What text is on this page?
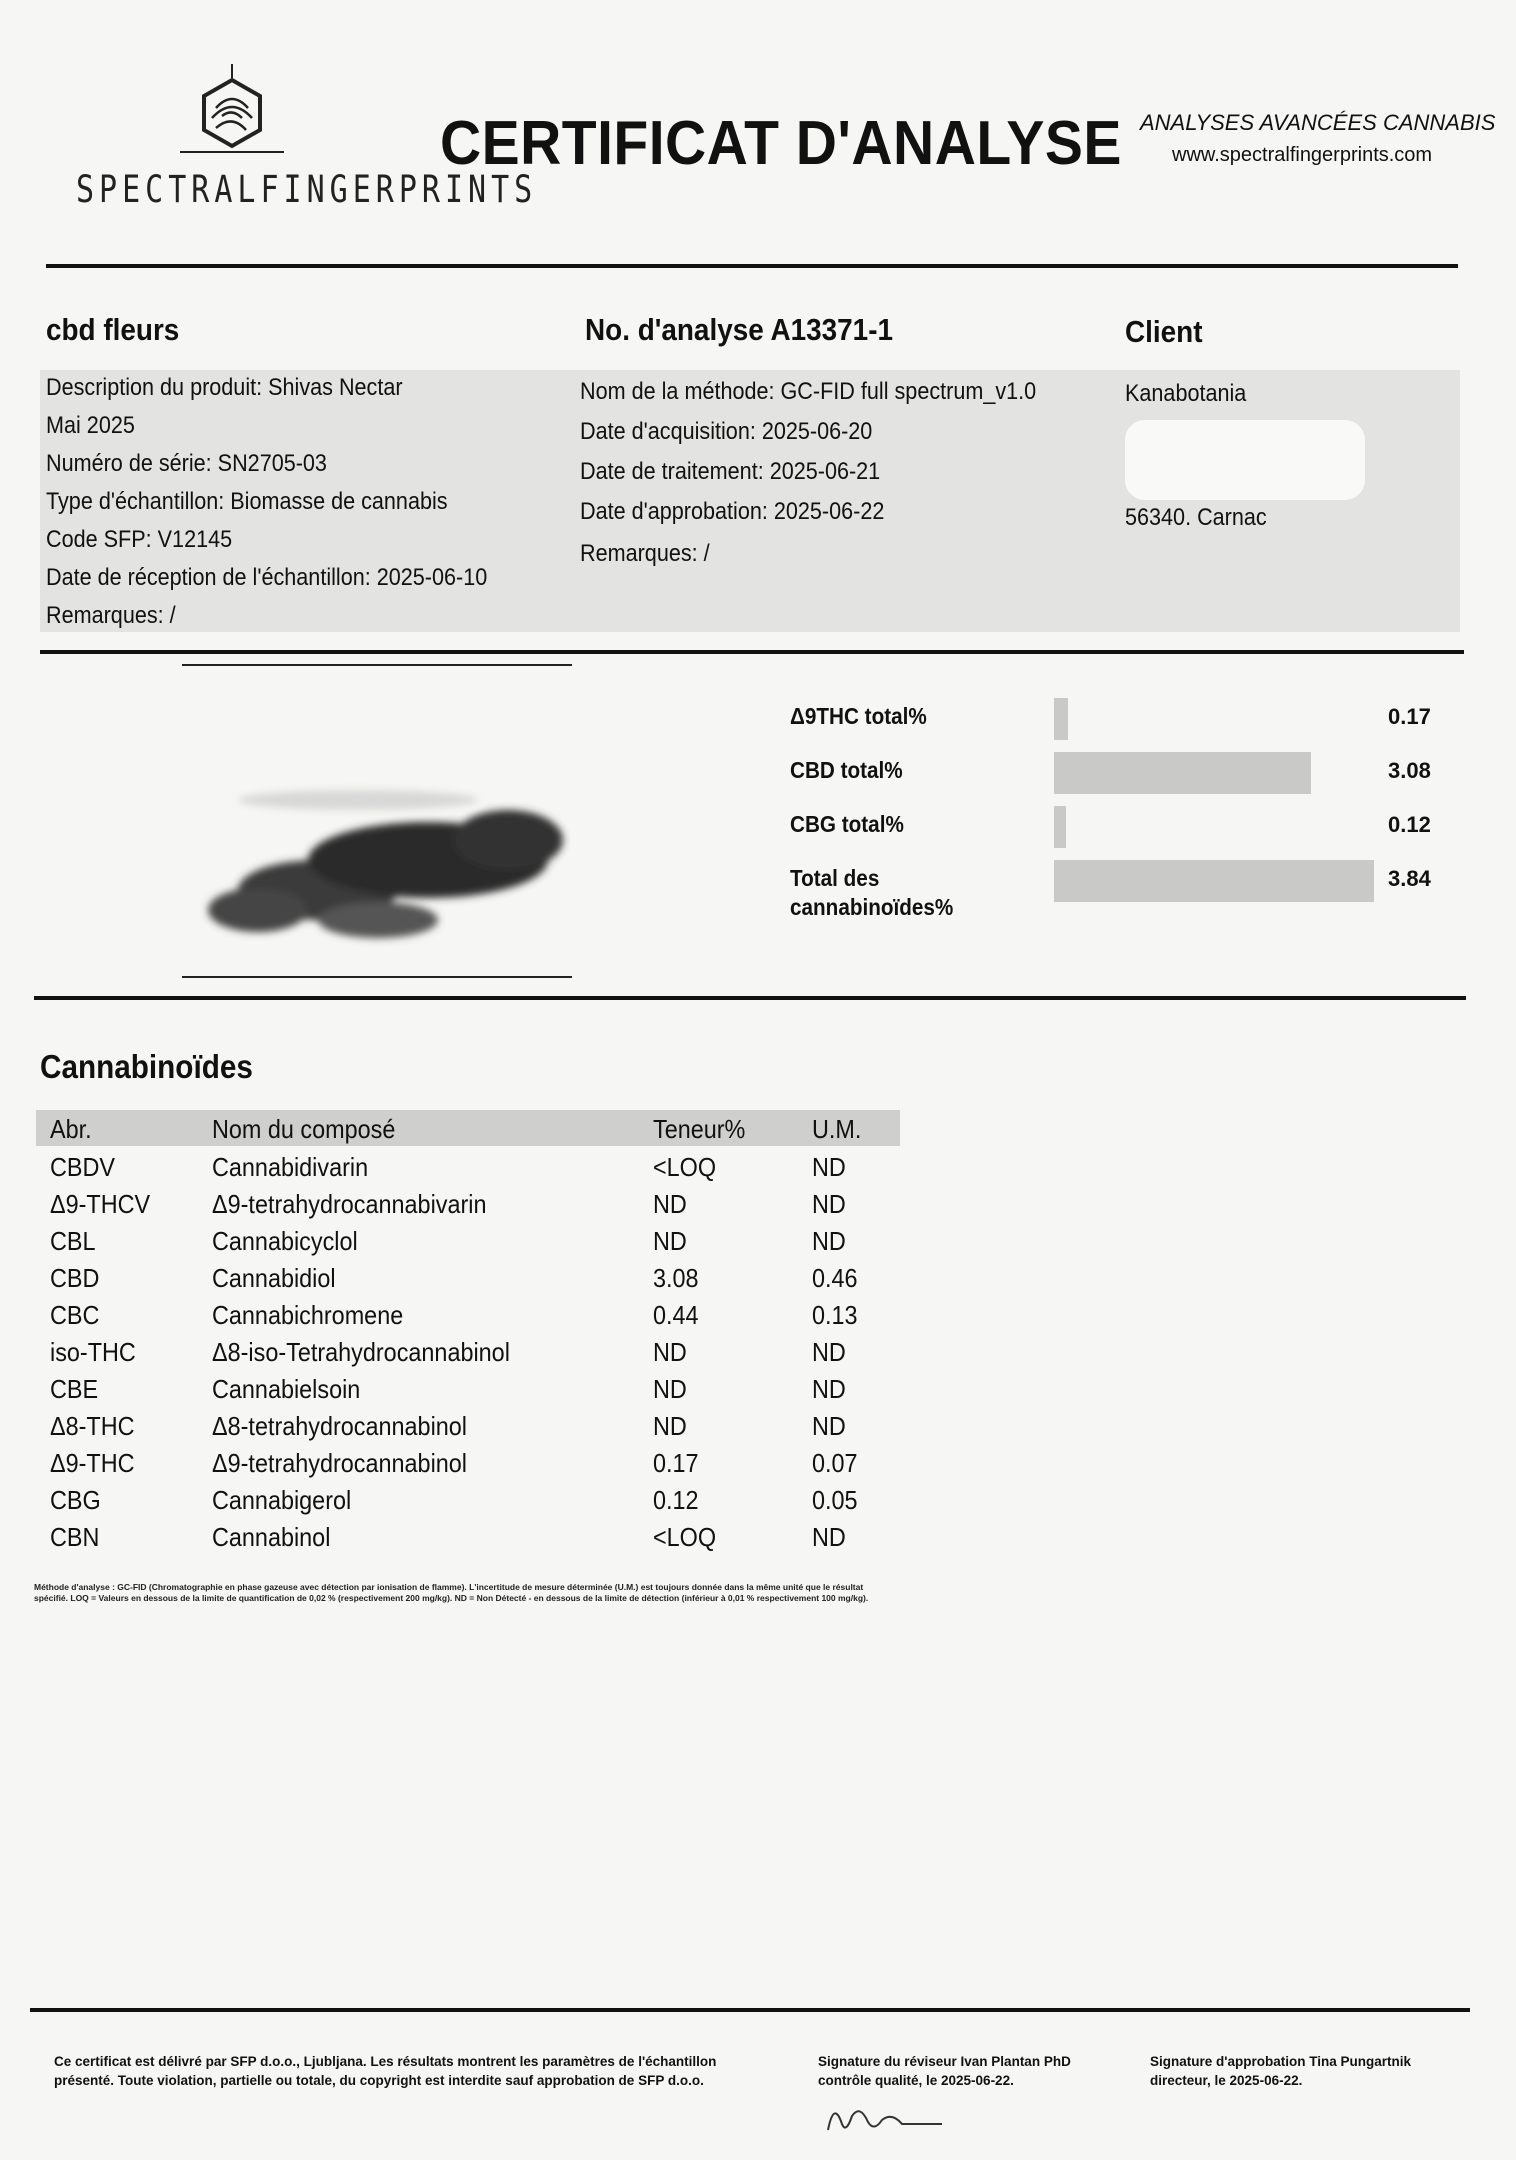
SPECTRALFINGERPRINTS
CERTIFICAT D'ANALYSE ANALYSES AVANCÉES CANNABIS
www.spectralfingerprints.com
cbd fleurs	No. d'analyse A13371-1	Client
Description du produit: Shivas Nectar
Mai 2025
Numéro de série: SN2705-03
Type d'échantillon: Biomasse de cannabis
Code SFP: V12145
Date de réception de l'échantillon: 2025-06-10
Remarques: /
Nom de la méthode: GC-FID full spectrum_v1.0
Date d'acquisition: 2025-06-20
Date de traitement: 2025-06-21
Date d'approbation: 2025-06-22
Remarques: /
Kanabotania
56340. Carnac
Δ9THC total%	0.17
CBD total%	3.08
CBG total%	0.12
Total des cannabinoïdes%
3.84
Cannabinoïdes
Abr.	Nom du composé	Teneur%	U.M.
CBDV	Cannabidivarin	<LOQ	ND
Δ9-THCV Δ9-tetrahydrocannabivarin	ND	ND
CBL	Cannabicyclol	ND	ND
CBD	Cannabidiol	3.08	0.46
CBC	Cannabichromene	0.44	0.13
iso-THC	Δ8-iso-Tetrahydrocannabinol	ND	ND
CBE	Cannabielsoin	ND	ND
Δ8-THC	Δ8-tetrahydrocannabinol	ND	ND
Δ9-THC	Δ9-tetrahydrocannabinol	0.17	0.07
CBG	Cannabigerol	0.12	0.05
CBN	Cannabinol	<LOQ	ND
Méthode d'analyse : GC-FID (Chromatographie en phase gazeuse avec détection par ionisation de flamme). L'incertitude de mesure déterminée (U.M.) est toujours donnée dans la même unité que le résultat spécifié. LOQ = Valeurs en dessous de la limite de quantification de 0,02 % (respectivement 200 mg/kg). ND = Non Détecté - en dessous de la limite de détection (inférieur à 0,01 % respectivement 100 mg/kg).
Ce certificat est délivré par SFP d.o.o., Ljubljana. Les résultats montrent les paramètres de l'échantillon présenté. Toute violation, partielle ou totale, du copyright est interdite sauf approbation de SFP d.o.o.
Signature du réviseur Ivan Plantan PhD contrôle qualité, le 2025-06-22.
Signature d'approbation Tina Pungartnik directeur, le 2025-06-22.
